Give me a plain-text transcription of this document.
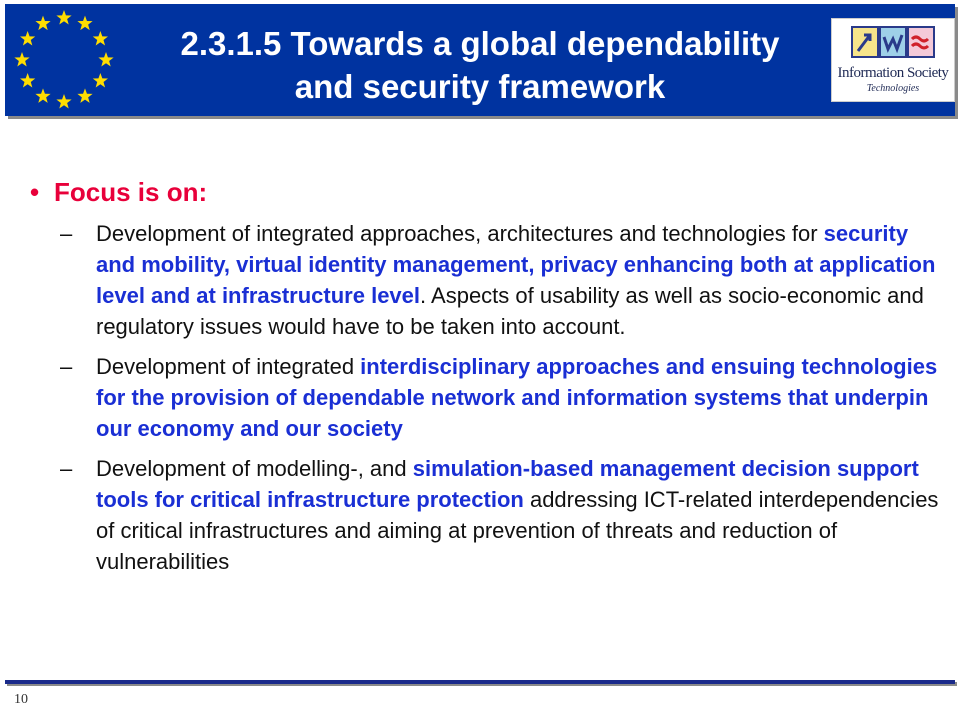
2.3.1.5 Towards a global dependability
and security framework	Information Society
Technologies
• Focus is on:
– Development of integrated approaches, architectures and technologies for security and mobility, virtual identity management, privacy enhancing both at application level and at infrastructure level. Aspects of usability as well as socio-economic and regulatory issues would have to be taken into account.
– Development of integrated interdisciplinary approaches and ensuing technologies for the provision of dependable network and information systems that underpin our economy and our society
– Development of modelling-, and simulation-based management decision support tools for critical infrastructure protection addressing ICT-related interdependencies of critical infrastructures and aiming at prevention of threats and reduction of vulnerabilities
10
